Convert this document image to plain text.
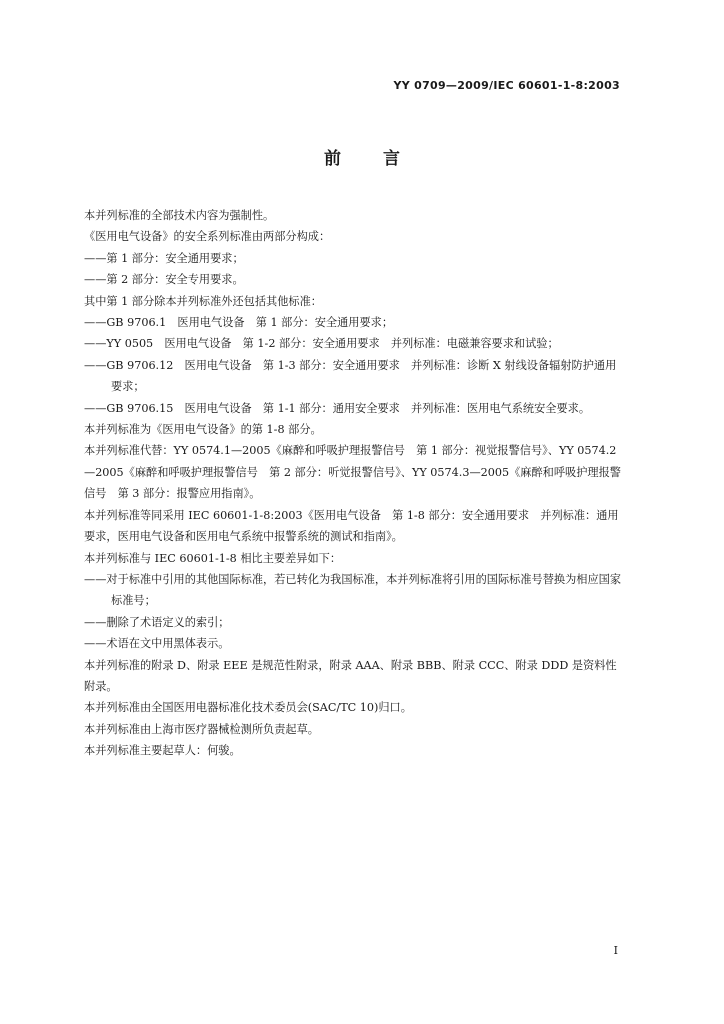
YY 0709—2009/IEC 60601-1-8:2003
前 言

本并列标准的全部技术内容为强制性。

《医用电气设备》的安全系列标准由两部分构成：

——第 1 部分：安全通用要求；

——第 2 部分：安全专用要求。

其中第 1 部分除本并列标准外还包括其他标准：

——GB 9706.1　医用电气设备　第 1 部分：安全通用要求；

——YY 0505　医用电气设备　第 1-2 部分：安全通用要求　并列标准：电磁兼容要求和试验；

——GB 9706.12　医用电气设备　第 1-3 部分：安全通用要求　并列标准：诊断 X 射线设备辐射防护通用要求；

——GB 9706.15　医用电气设备　第 1-1 部分：通用安全要求　并列标准：医用电气系统安全要求。

本并列标准为《医用电气设备》的第 1-8 部分。

本并列标准代替：YY 0574.1—2005《麻醉和呼吸护理报警信号　第 1 部分：视觉报警信号》、YY 0574.2—2005《麻醉和呼吸护理报警信号　第 2 部分：听觉报警信号》、YY 0574.3—2005《麻醉和呼吸护理报警信号　第 3 部分：报警应用指南》。

本并列标准等同采用 IEC 60601-1-8:2003《医用电气设备　第 1-8 部分：安全通用要求　并列标准：通用要求，医用电气设备和医用电气系统中报警系统的测试和指南》。

本并列标准与 IEC 60601-1-8 相比主要差异如下：

——对于标准中引用的其他国际标准，若已转化为我国标准，本并列标准将引用的国际标准号替换为相应国家标准号；

——删除了术语定义的索引；

——术语在文中用黑体表示。

本并列标准的附录 D、附录 EEE 是规范性附录，附录 AAA、附录 BBB、附录 CCC、附录 DDD 是资料性附录。

本并列标准由全国医用电器标准化技术委员会(SAC/TC 10)归口。

本并列标准由上海市医疗器械检测所负责起草。

本并列标准主要起草人：何骏。

I
